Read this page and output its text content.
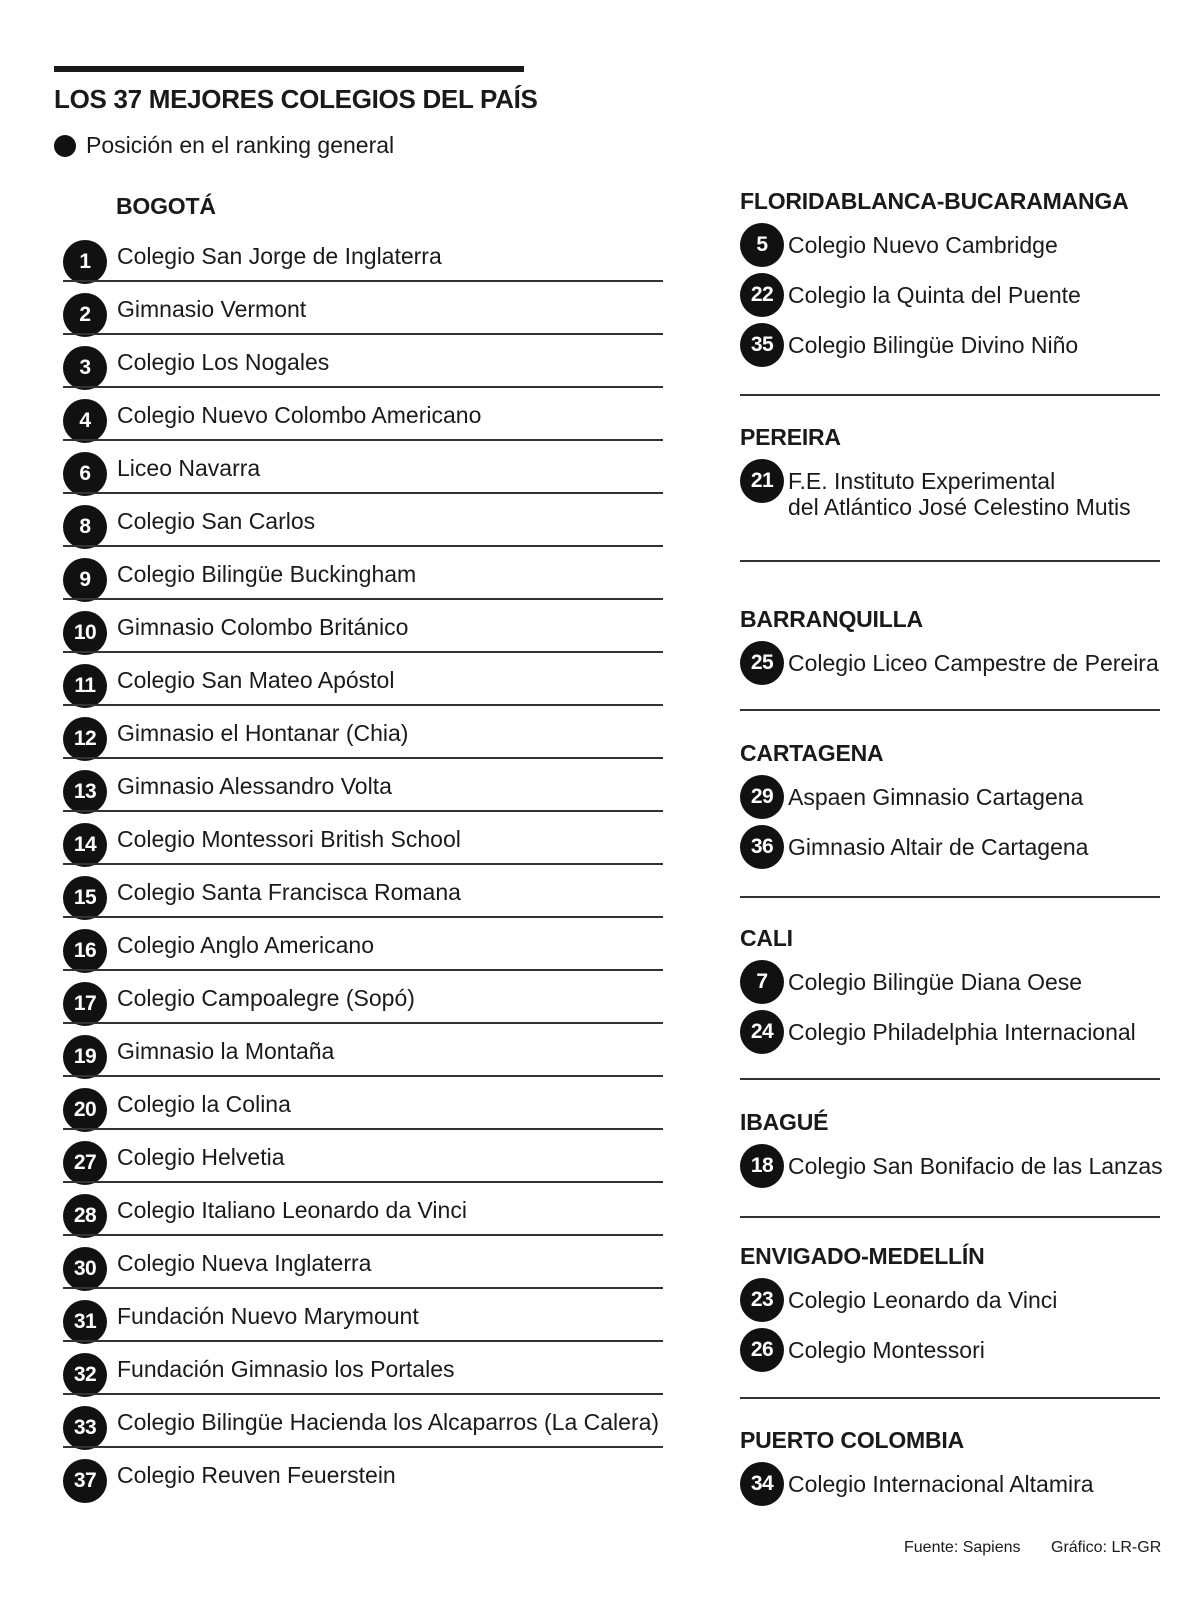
LOS 37 MEJORES COLEGIOS DEL PAÍS
Posición en el ranking general
BOGOTÁ
1	Colegio San Jorge de Inglaterra
2	Gimnasio Vermont
3	Colegio Los Nogales
4	Colegio Nuevo Colombo Americano
6	Liceo Navarra
8	Colegio San Carlos
9	Colegio Bilingüe Buckingham
10 Gimnasio Colombo Británico
11 Colegio San Mateo Apóstol
12 Gimnasio el Hontanar (Chia)
13 Gimnasio Alessandro Volta
14 Colegio Montessori British School
15 Colegio Santa Francisca Romana
16 Colegio Anglo Americano
17 Colegio Campoalegre (Sopó)
19 Gimnasio la Montaña
20 Colegio la Colina
27 Colegio Helvetia
28 Colegio Italiano Leonardo da Vinci
30 Colegio Nueva Inglaterra
31 Fundación Nuevo Marymount
32 Fundación Gimnasio los Portales
33 Colegio Bilingüe Hacienda los Alcaparros (La Calera)
37 Colegio Reuven Feuerstein
FLORIDABLANCA-BUCARAMANGA
5 Colegio Nuevo Cambridge
22 Colegio la Quinta del Puente
35 Colegio Bilingüe Divino Niño
PEREIRA
21 F.E. Instituto Experimental
del Atlántico José Celestino Mutis
BARRANQUILLA
25 Colegio Liceo Campestre de Pereira
CARTAGENA
29 Aspaen Gimnasio Cartagena
36 Gimnasio Altair de Cartagena
CALI
7 Colegio Bilingüe Diana Oese
24 Colegio Philadelphia Internacional
IBAGUÉ
18 Colegio San Bonifacio de las Lanzas
ENVIGADO-MEDELLÍN
23 Colegio Leonardo da Vinci
26 Colegio Montessori
PUERTO COLOMBIA
34 Colegio Internacional Altamira
Fuente: Sapiens Gráfico: LR-GR
